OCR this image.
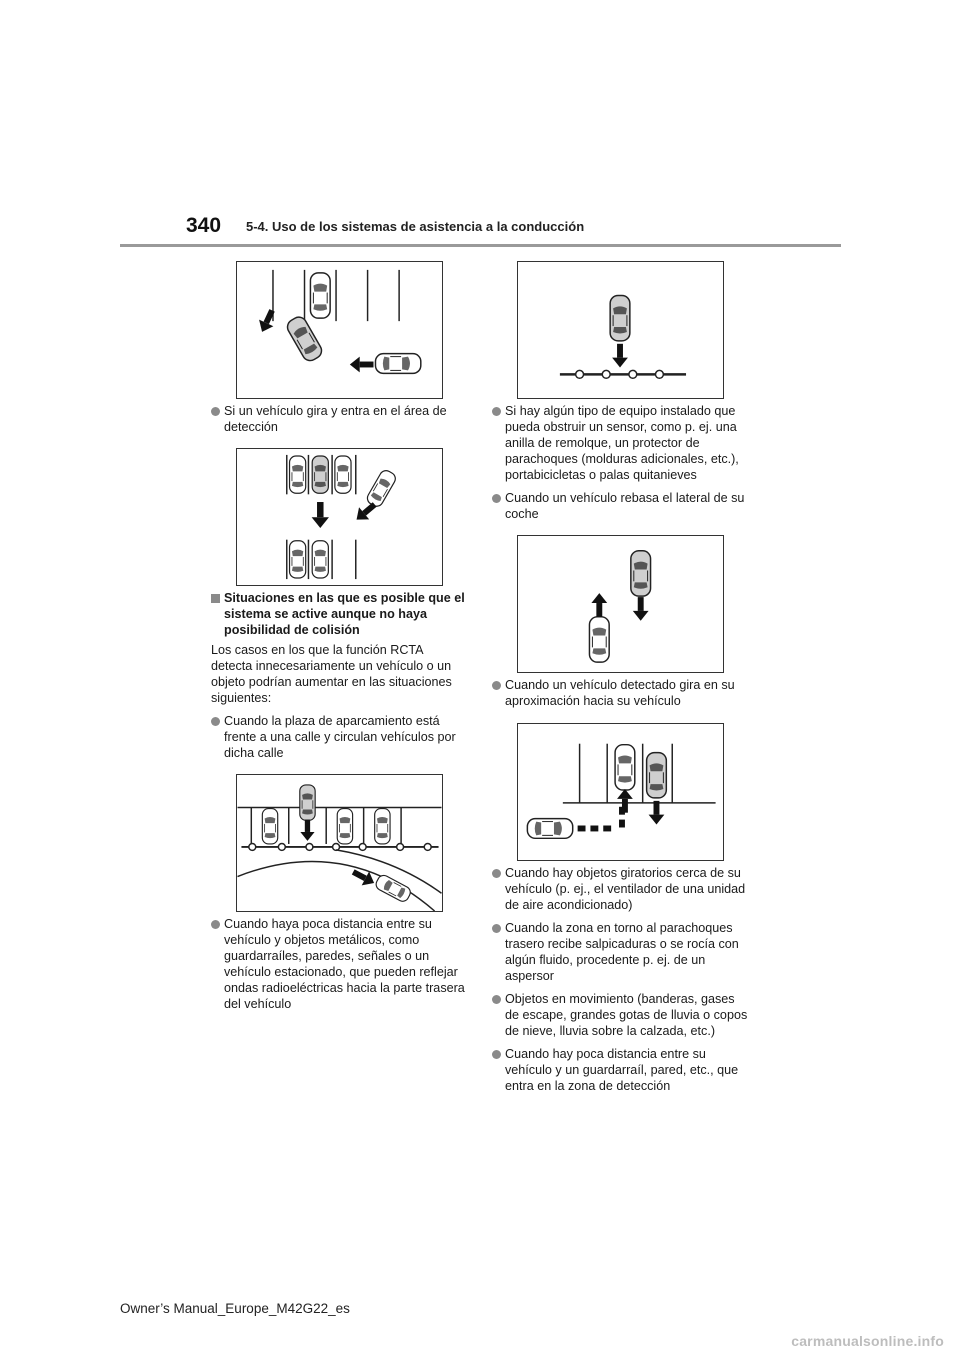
340 5-4. Uso de los sistemas de asistencia a la conducción

Si un vehículo gira y entra en el área de detección

Situaciones en las que es posible que el sistema se active aunque no haya posibilidad de colisión

Los casos en los que la función RCTA detecta innecesariamente un vehículo o un objeto podrían aumentar en las situaciones siguientes:

Cuando la plaza de aparcamiento está frente a una calle y circulan vehículos por dicha calle

Cuando haya poca distancia entre su vehículo y objetos metálicos, como guardarraíles, paredes, señales o un vehículo estacionado, que pueden reflejar ondas radioeléctricas hacia la parte trasera del vehículo

Si hay algún tipo de equipo instalado que pueda obstruir un sensor, como p. ej. una anilla de remolque, un protector de parachoques (molduras adicionales, etc.), portabicicletas o palas quitanieves

Cuando un vehículo rebasa el lateral de su coche

Cuando un vehículo detectado gira en su aproximación hacia su vehículo

Cuando hay objetos giratorios cerca de su vehículo (p. ej., el ventilador de una unidad de aire acondicionado)

Cuando la zona en torno al parachoques trasero recibe salpicaduras o se rocía con algún fluido, procedente p. ej. de un aspersor

Objetos en movimiento (banderas, gases de escape, grandes gotas de lluvia o copos de nieve, lluvia sobre la calzada, etc.)

Cuando hay poca distancia entre su vehículo y un guardarraíl, pared, etc., que entra en la zona de detección

Owner’s Manual_Europe_M42G22_es
carmanualsonline.info
